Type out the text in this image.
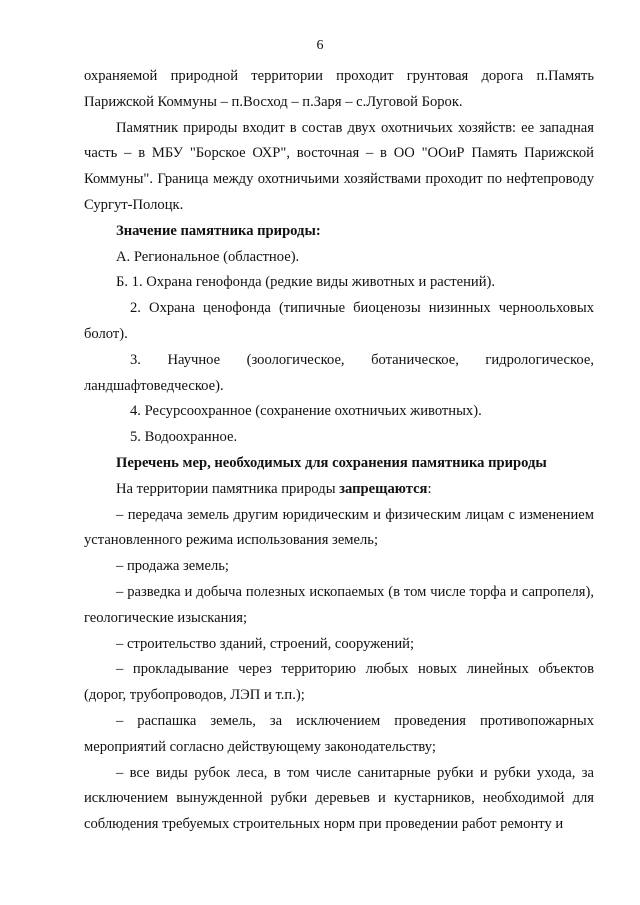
6

охраняемой природной территории проходит грунтовая дорога п.Память Парижской Коммуны – п.Восход – п.Заря – с.Луговой Борок.

Памятник природы входит в состав двух охотничьих хозяйств: ее западная часть – в МБУ "Борское ОХР", восточная – в ОО "ООиР Память Парижской Коммуны". Граница между охотничьими хозяйствами проходит по нефтепроводу Сургут-Полоцк.

Значение памятника природы:

А. Региональное (областное).

Б. 1. Охрана генофонда (редкие виды животных и растений).

2. Охрана ценофонда (типичные биоценозы низинных черноольховых болот).

3. Научное (зоологическое, ботаническое, гидрологическое, ландшафтоведческое).

4. Ресурсоохранное (сохранение охотничьих животных).

5. Водоохранное.

Перечень мер, необходимых для сохранения памятника природы

На территории памятника природы запрещаются:

– передача земель другим юридическим и физическим лицам с изменением установленного режима использования земель;

– продажа земель;

– разведка и добыча полезных ископаемых (в том числе торфа и сапропеля), геологические изыскания;

– строительство зданий, строений, сооружений;

– прокладывание через территорию любых новых линейных объектов (дорог, трубопроводов, ЛЭП и т.п.);

– распашка земель, за исключением проведения противопожарных мероприятий согласно действующему законодательству;

– все виды рубок леса, в том числе санитарные рубки и рубки ухода, за исключением вынужденной рубки деревьев и кустарников, необходимой для соблюдения требуемых строительных норм при проведении работ ремонту и
